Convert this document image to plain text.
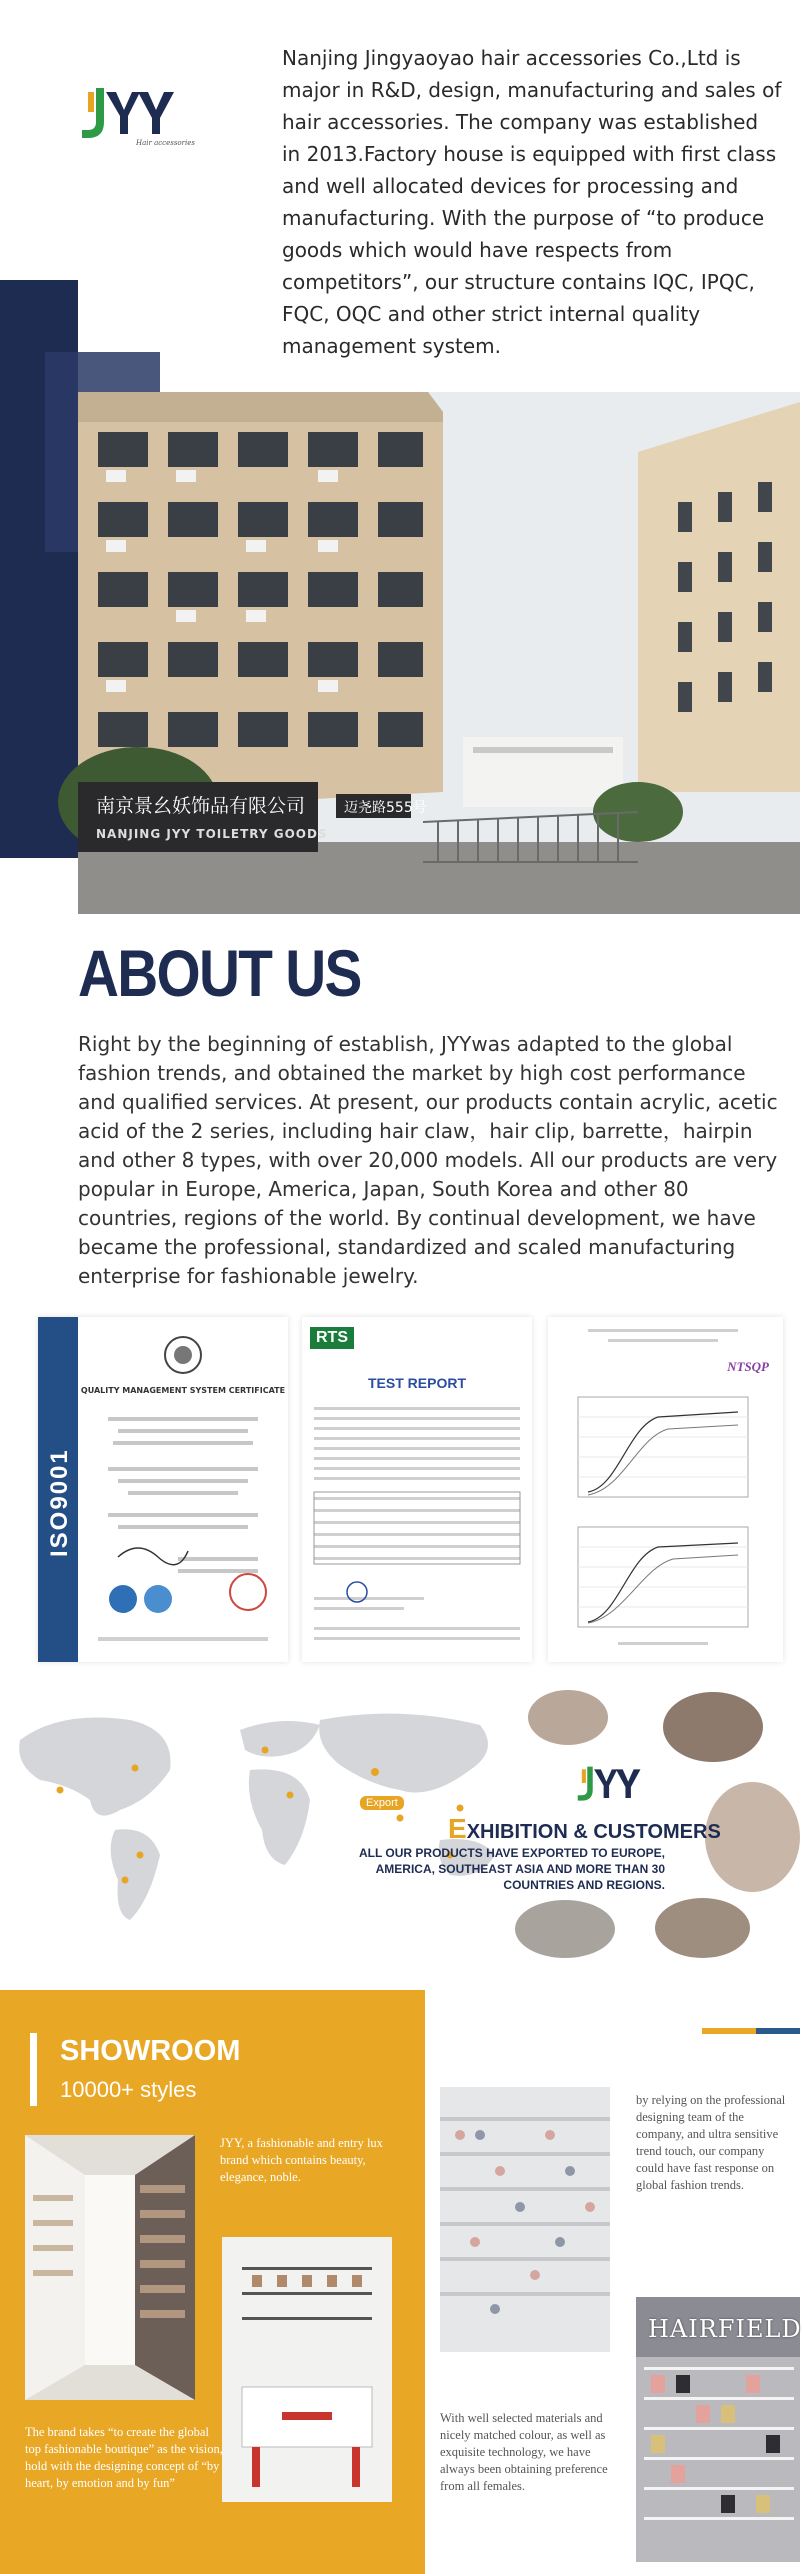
Hair accessories
Nanjing Jingyaoyao hair accessories Co.,Ltd is major in R&D, design, manufacturing and sales of hair accessories. The company was established in 2013.Factory house is equipped with first class and well allocated devices for processing and manufacturing. With the purpose of “to produce goods which would have respects from competitors”, our structure contains IQC, IPQC, FQC, OQC and other strict internal quality management system.
南京景幺妖饰品有限公司
NANJING JYY TOILETRY GOODS
迈尧路555号
ABOUT US
Right by the beginning of establish, JYYwas adapted to the global fashion trends, and obtained the market by high cost performance and qualified services. At present, our products contain acrylic, acetic acid of the 2 series, including hair claw，hair clip, barrette，hairpin and other 8 types, with over 20,000 models. All our products are very popular in Europe, America, Japan, South Korea and other 80 countries, regions of the world. By continual development, we have became the professional, standardized and scaled manufacturing enterprise for fashionable jewelry.
ISO9001
QUALITY MANAGEMENT SYSTEM CERTIFICATE
RTS
TEST REPORT
NTSQP
Export
EXHIBITION & CUSTOMERS
ALL OUR PRODUCTS HAVE EXPORTED TO EUROPE, AMERICA, SOUTHEAST ASIA AND MORE THAN 30 COUNTRIES AND REGIONS.
SHOWROOM
10000+ styles
JYY, a fashionable and entry lux brand which contains beauty, elegance, noble.
The brand takes “to create the global top fashionable boutique” as the vision, hold with the designing concept of “by heart, by emotion and by fun”
by relying on the professional designing team of the company, and ultra sensitive trend touch, our company could have fast response on global fashion trends.
With well selected materials and nicely matched colour, as well as exquisite technology, we have always been obtaining preference from all females.
HAIRFIELD
